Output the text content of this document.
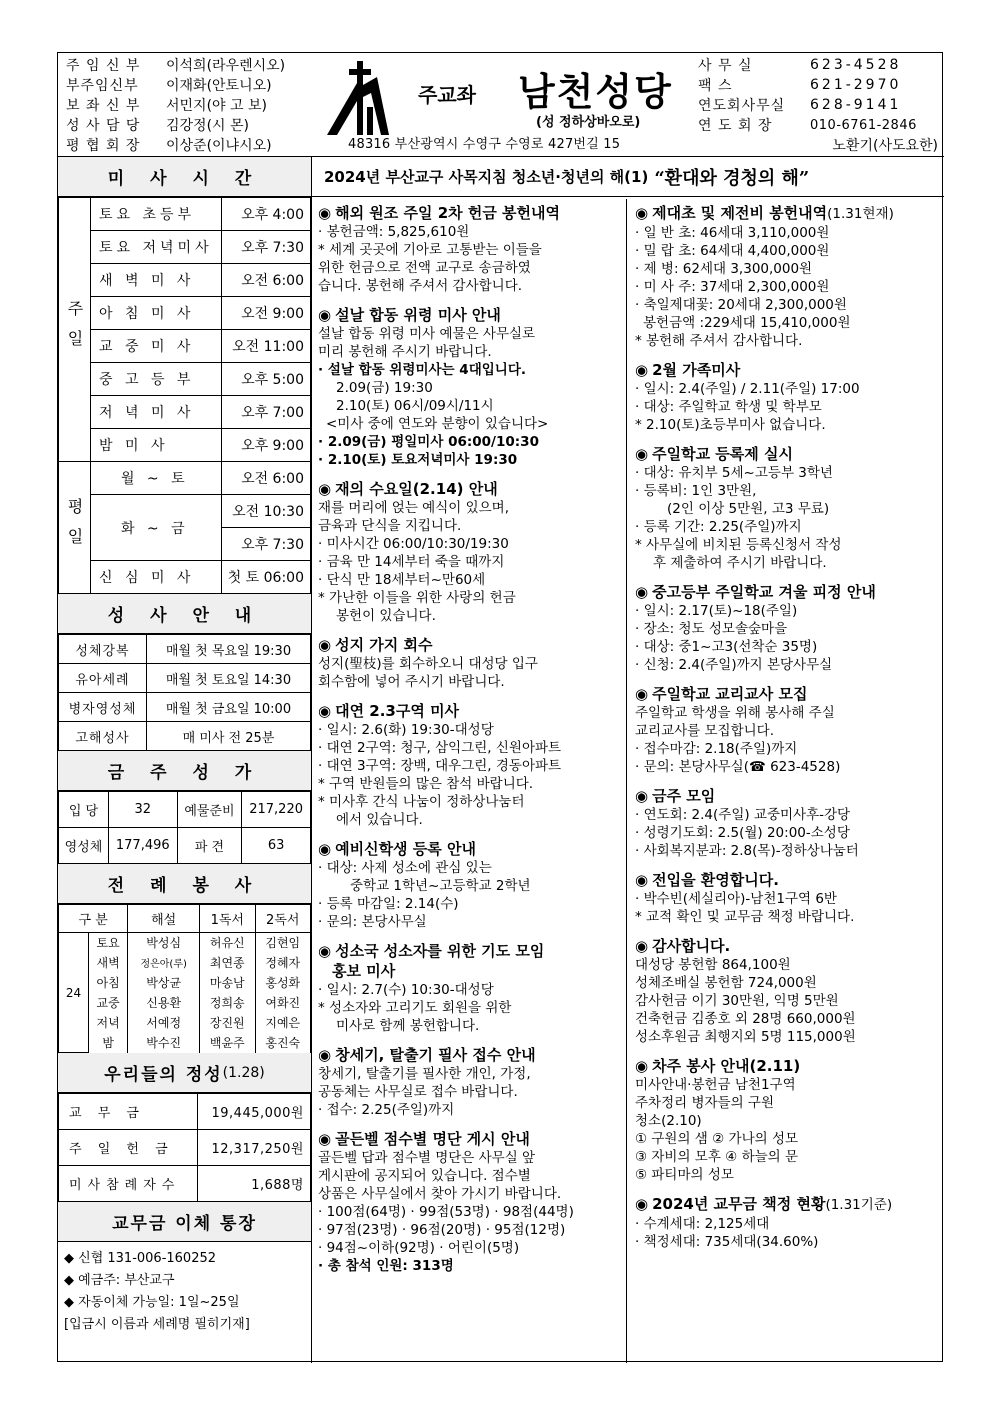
주 임 신 부	이석희(라우렌시오)
부주임신부	이재화(안토니오)
보 좌 신 부	서민지(야 고 보)
성 사 담 당	김강정(시 몬)
평 협 회 장	이상준(이냐시오)
주교좌 남천성당
(성 정하상바오로)
48316 부산광역시 수영구 수영로 427번길 15
사 무 실	623-4528
팩 스	621-2970
연도회사무실	628-9141
연 도 회 장	010-6761-2846
노환기(사도요한)
미 사 시 간
주일	토요 초등부	오후 4:00
	토요 저녁미사	오후 7:30
	새 벽 미 사	오전 6:00
	아 침 미 사	오전 9:00
	교 중 미 사	오전 11:00
	중 고 등 부	오후 5:00
	저 녁 미 사	오후 7:00
	밤 미 사	오후 9:00
평일	월 ~ 토	오전 6:00
	화 ~ 금	오전 10:30
		오후 7:30
	신 심 미 사	첫 토 06:00
성 사 안 내
성체강복	매월 첫 목요일 19:30
유아세례	매월 첫 토요일 14:30
병자영성체	매월 첫 금요일 10:00
고해성사	매 미사 전 25분
금 주 성 가
입 당	32	예물준비	217,220
영성체	177,496	파 견	63
전 례 봉 사
구 분		해설	1독서	2독서
24	토요	박성심	허유신	김현임
	새벽	정은아(루)	최연종	정혜자
	아침	박상균	마송남	홍성화
	교중	신용환	정희송	여화진
	저녁	서예정	장진원	지예은
	밤	박수진	백윤주	홍진숙
우리들의 정성 (1.28)
교 무 금	19,445,000원
주 일 헌 금	12,317,250원
미사참례자수	1,688명
교무금 이체 통장
◆ 신협 131-006-160252
◆ 예금주: 부산교구
◆ 자동이체 가능일: 1일~25일
[입금시 이름과 세례명 필히기재]
2024년 부산교구 사목지침 청소년·청년의 해(1) “환대와 경청의 해”
◉ 해외 원조 주일 2차 헌금 봉헌내역

· 봉헌금액: 5,825,610원

* 세계 곳곳에 기아로 고통받는 이들을

위한 헌금으로 전액 교구로 송금하였

습니다. 봉헌해 주셔서 감사합니다.

◉ 설날 합동 위령 미사 안내

설날 합동 위령 미사 예물은 사무실로

미리 봉헌해 주시기 바랍니다.

· 설날 합동 위령미사는 4대입니다.

2.09(금) 19:30

2.10(토) 06시/09시/11시

<미사 중에 연도와 분향이 있습니다>

· 2.09(금) 평일미사 06:00/10:30

· 2.10(토) 토요저녁미사 19:30

◉ 재의 수요일(2.14) 안내

재를 머리에 얹는 예식이 있으며,

금육과 단식을 지킵니다.

· 미사시간 06:00/10:30/19:30

· 금육 만 14세부터 죽을 때까지

· 단식 만 18세부터~만60세

* 가난한 이들을 위한 사랑의 헌금

봉헌이 있습니다.

◉ 성지 가지 회수

성지(聖枝)를 회수하오니 대성당 입구

회수함에 넣어 주시기 바랍니다.

◉ 대연 2.3구역 미사

· 일시: 2.6(화) 19:30-대성당

· 대연 2구역: 청구, 삼익그린, 신원아파트

· 대연 3구역: 장백, 대우그린, 경동아파트

* 구역 반원들의 많은 참석 바랍니다.

* 미사후 간식 나눔이 정하상나눔터

에서 있습니다.

◉ 예비신학생 등록 안내

· 대상: 사제 성소에 관심 있는

중학교 1학년~고등학교 2학년

· 등록 마감일: 2.14(수)

· 문의: 본당사무실

◉ 성소국 성소자를 위한 기도 모임
홍보 미사

· 일시: 2.7(수) 10:30-대성당

* 성소자와 고리기도 회원을 위한

미사로 함께 봉헌합니다.

◉ 창세기, 탈출기 필사 접수 안내

창세기, 탈출기를 필사한 개인, 가정,

공동체는 사무실로 접수 바랍니다.

· 접수: 2.25(주일)까지

◉ 골든벨 점수별 명단 게시 안내

골든벨 답과 점수별 명단은 사무실 앞

게시판에 공지되어 있습니다. 점수별

상품은 사무실에서 찾아 가시기 바랍니다.

· 100점(64명) · 99점(53명) · 98점(44명)

· 97점(23명) · 96점(20명) · 95점(12명)

· 94점~이하(92명) · 어린이(5명)

· 총 참석 인원: 313명

◉ 제대초 및 제전비 봉헌내역(1.31현재)

· 일 반 초: 46세대 3,110,000원

· 밀 랍 초: 64세대 4,400,000원

· 제 병: 62세대 3,300,000원

· 미 사 주: 37세대 2,300,000원

· 축일제대꽃: 20세대 2,300,000원

봉헌금액 :229세대 15,410,000원

* 봉헌해 주셔서 감사합니다.

◉ 2월 가족미사

· 일시: 2.4(주일) / 2.11(주일) 17:00

· 대상: 주일학교 학생 및 학부모

* 2.10(토)초등부미사 없습니다.

◉ 주일학교 등록제 실시

· 대상: 유치부 5세~고등부 3학년

· 등록비: 1인 3만원,

(2인 이상 5만원, 고3 무료)

· 등록 기간: 2.25(주일)까지

* 사무실에 비치된 등록신청서 작성

후 제출하여 주시기 바랍니다.

◉ 중고등부 주일학교 겨울 피정 안내

· 일시: 2.17(토)~18(주일)

· 장소: 청도 성모솔숲마을

· 대상: 중1~고3(선착순 35명)

· 신청: 2.4(주일)까지 본당사무실

◉ 주일학교 교리교사 모집

주일학교 학생을 위해 봉사해 주실

교리교사를 모집합니다.

· 접수마감: 2.18(주일)까지

· 문의: 본당사무실(☎ 623-4528)

◉ 금주 모임

· 연도회: 2.4(주일) 교중미사후-강당

· 성령기도회: 2.5(월) 20:00-소성당

· 사회복지분과: 2.8(목)-정하상나눔터

◉ 전입을 환영합니다.

· 박수빈(세실리아)-남천1구역 6반

* 교적 확인 및 교무금 책정 바랍니다.

◉ 감사합니다.

대성당 봉헌함 864,100원

성체조배실 봉헌함 724,000원

감사헌금 이기 30만원, 익명 5만원

건축헌금 김종호 외 28명 660,000원

성소후원금 최행지외 5명 115,000원

◉ 차주 봉사 안내(2.11)

미사안내·봉헌금 남천1구역

주차정리 병자들의 구원

청소(2.10)

① 구원의 샘 ② 가나의 성모

③ 자비의 모후 ④ 하늘의 문

⑤ 파티마의 성모

◉ 2024년 교무금 책정 현황(1.31기준)

· 수계세대: 2,125세대

· 책정세대: 735세대(34.60%)
